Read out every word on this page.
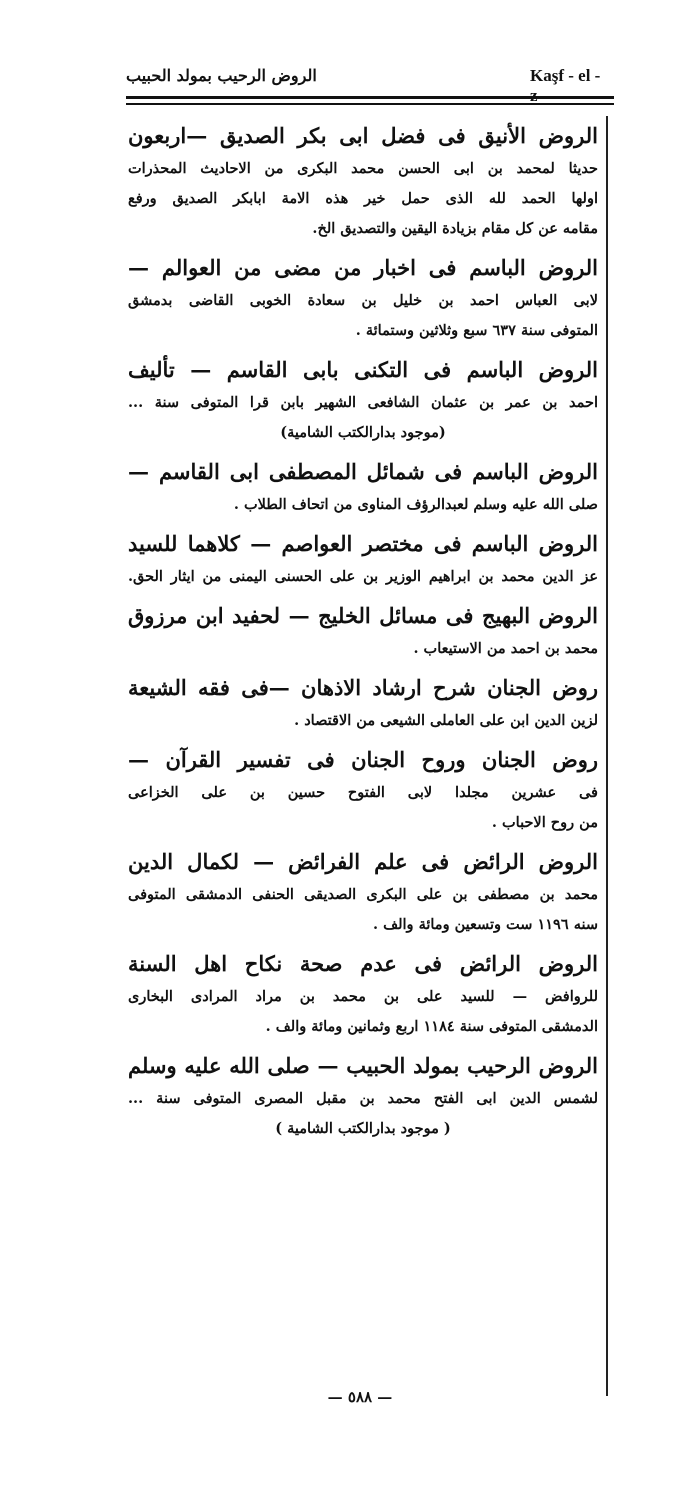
الروض الرحيب بمولد الحبيب	Kaşf - el -
الروض الأنيق فى فضل ابى بكر الصديق —اربعون
حديثا لمحمد بن ابى الحسن محمد البكرى من الاحاديث المحذرات
اولها الحمد لله الذى حمل خير هذه الامة ابابكر الصديق ورفع
مقامه عن كل مقام بزيادة اليقين والتصديق الخ.
الروض الباسم فى اخبار من مضى من العوالم —
لابى العباس احمد بن خليل بن سعادة الخوبى القاضى بدمشق
المتوفى سنة ٦٣٧ سبع وثلاثين وستمائة .
الروض الباسم فى التكنى بابى القاسم — تأليف
احمد بن عمر بن عثمان الشافعى الشهير بابن قرا المتوفى سنة ...
(موجود بدارالكتب الشامية)
الروض الباسم فى شمائل المصطفى ابى القاسم —
صلى الله عليه وسلم لعبدالرؤف المناوى من اتحاف الطلاب .
الروض الباسم فى مختصر العواصم — كلاهما للسيد
عز الدين محمد بن ابراهيم الوزير بن على الحسنى اليمنى من ايثار الحق.
الروض البهيج فى مسائل الخليج — لحفيد ابن مرزوق
محمد بن احمد من الاستيعاب .
روض الجنان شرح ارشاد الاذهان —فى فقه الشيعة
لزين الدين ابن على العاملى الشيعى من الاقتصاد .
روض الجنان وروح الجنان فى تفسير القرآن —
فى عشرين مجلدا لابى الفتوح حسين بن على الخزاعى
من روح الاحباب .
الروض الرائض فى علم الفرائض — لكمال الدين
محمد بن مصطفى بن على البكرى الصديقى الحنفى الدمشقى المتوفى
سنه ١١٩٦ ست وتسعين ومائة والف .
الروض الرائض فى عدم صحة نكاح اهل السنة
للروافض — للسيد على بن محمد بن مراد المرادى البخارى
الدمشقى المتوفى سنة ١١٨٤ اربع وثمانين ومائة والف .
الروض الرحيب بمولد الحبيب — صلى الله عليه وسلم
لشمس الدين ابى الفتح محمد بن مقبل المصرى المتوفى سنة ...
( موجود بدارالكتب الشامية )
— ٥٨٨ —
